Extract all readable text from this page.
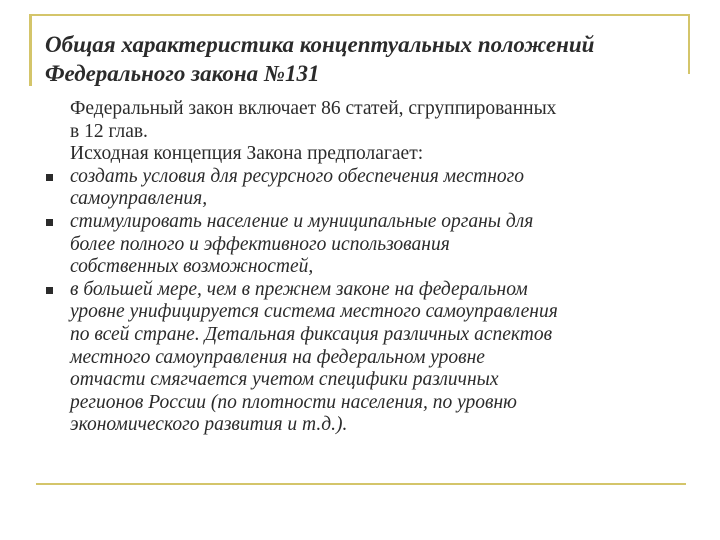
Общая характеристика концептуальных положений
Федерального закона №131
Федеральный закон включает 86 статей, сгруппированных
в 12 глав.
Исходная концепция Закона предполагает:
создать условия для ресурсного обеспечения местного
самоуправления,
стимулировать население и муниципальные органы для
более полного и эффективного использования
собственных возможностей,
в большей мере, чем в прежнем законе на федеральном
уровне унифицируется система местного самоуправления
по всей стране. Детальная фиксация различных аспектов
местного самоуправления на федеральном уровне
отчасти смягчается учетом специфики различных
регионов России (по плотности населения, по уровню
экономического развития и т.д.).
